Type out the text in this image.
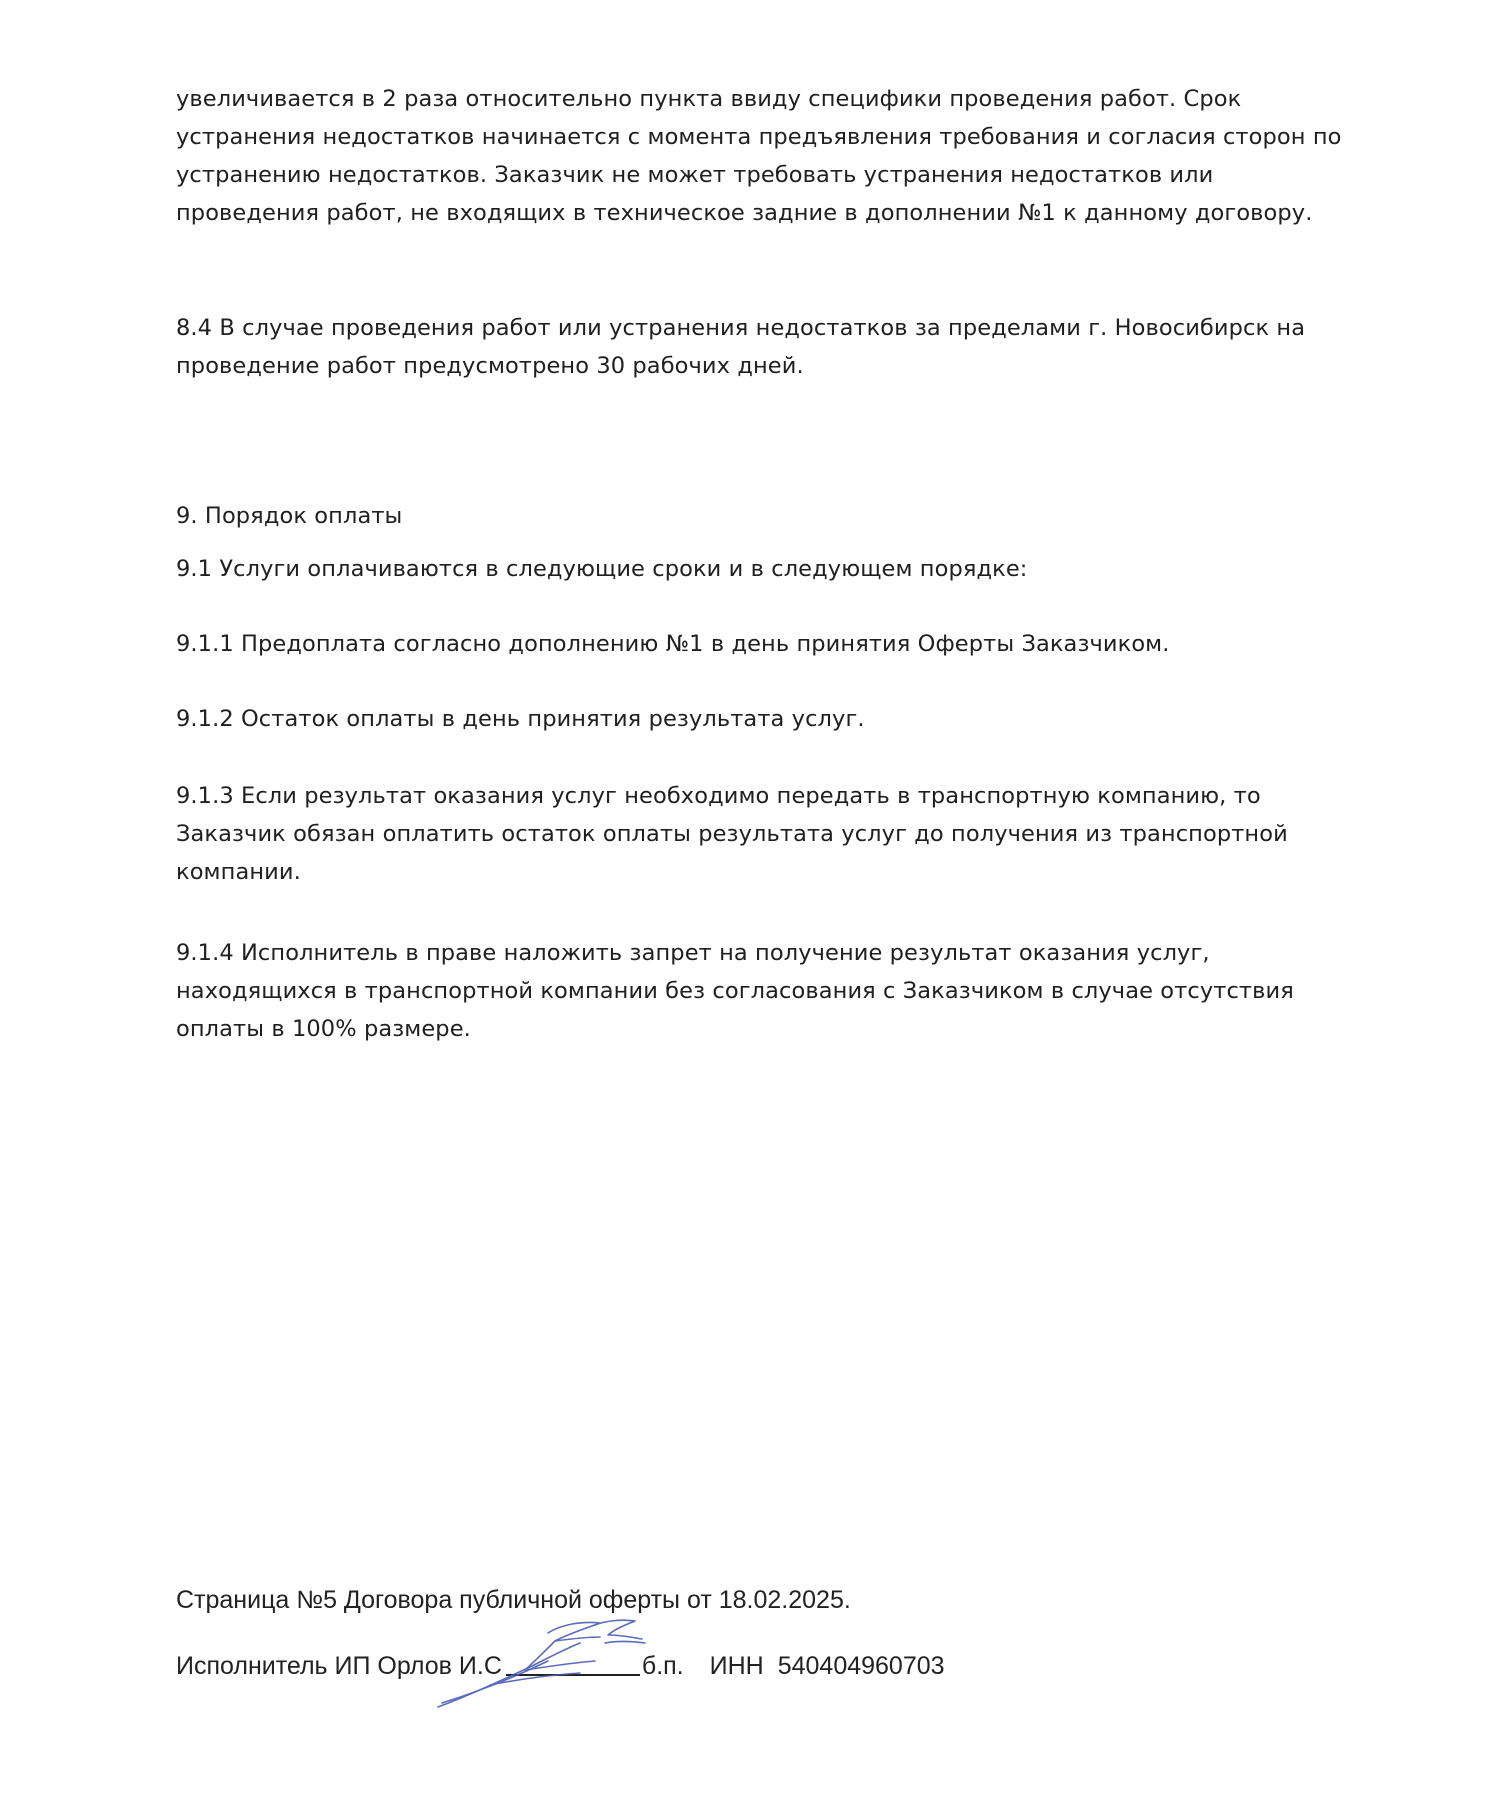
увеличивается в 2 раза относительно пункта ввиду специфики проведения работ. Срок устранения недостатков начинается с момента предъявления требования и согласия сторон по устранению недостатков. Заказчик не может требовать устранения недостатков или проведения работ, не входящих в техническое задние в дополнении №1 к данному договору.

8.4 В случае проведения работ или устранения недостатков за пределами г. Новосибирск на проведение работ предусмотрено 30 рабочих дней.

9. Порядок оплаты

9.1 Услуги оплачиваются в следующие сроки и в следующем порядке:

9.1.1 Предоплата согласно дополнению №1 в день принятия Оферты Заказчиком.

9.1.2 Остаток оплаты в день принятия результата услуг.

9.1.3 Если результат оказания услуг необходимо передать в транспортную компанию, то Заказчик обязан оплатить остаток оплаты результата услуг до получения из транспортной компании.

9.1.4 Исполнитель в праве наложить запрет на получение результат оказания услуг, находящихся в транспортной компании без согласования с Заказчиком в случае отсутствия оплаты в 100% размере.

Страница №5 Договора публичной оферты от 18.02.2025.
Исполнитель ИП Орлов И.С	б.п. ИНН 540404960703
